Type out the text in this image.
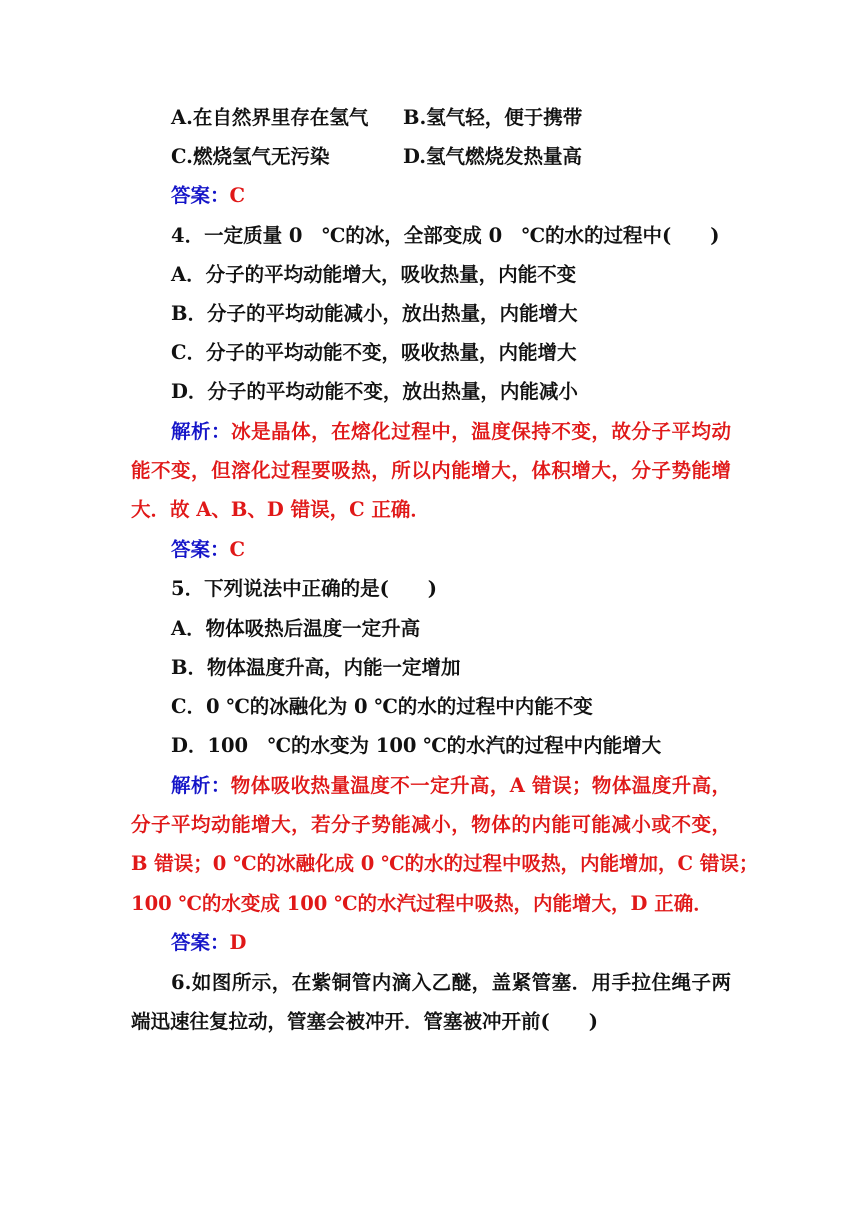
A.在自然界里存在氢气 B.氢气轻，便于携带

C.燃烧氢气无污染	D.氢气燃烧发热量高

答案：C

4．一定质量 0　℃的冰，全部变成 0　℃的水的过程中(　　)

A．分子的平均动能增大，吸收热量，内能不变

B．分子的平均动能减小，放出热量，内能增大

C．分子的平均动能不变，吸收热量，内能增大

D．分子的平均动能不变，放出热量，内能减小

解析：冰是晶体，在熔化过程中，温度保持不变，故分子平均动

能不变，但溶化过程要吸热，所以内能增大，体积增大，分子势能增

大．故 A、B、D 错误，C 正确．

答案：C

5．下列说法中正确的是(　　)

A．物体吸热后温度一定升高

B．物体温度升高，内能一定增加

C．0 ℃的冰融化为 0 ℃的水的过程中内能不变

D．100　℃的水变为 100 ℃的水汽的过程中内能增大

解析：物体吸收热量温度不一定升高，A 错误；物体温度升高，

分子平均动能增大，若分子势能减小，物体的内能可能减小或不变，

B 错误；0 ℃的冰融化成 0 ℃的水的过程中吸热，内能增加，C 错误；

100 ℃的水变成 100 ℃的水汽过程中吸热，内能增大，D 正确．

答案：D

6.如图所示，在紫铜管内滴入乙醚，盖紧管塞．用手拉住绳子两

端迅速往复拉动，管塞会被冲开．管塞被冲开前(　　)
